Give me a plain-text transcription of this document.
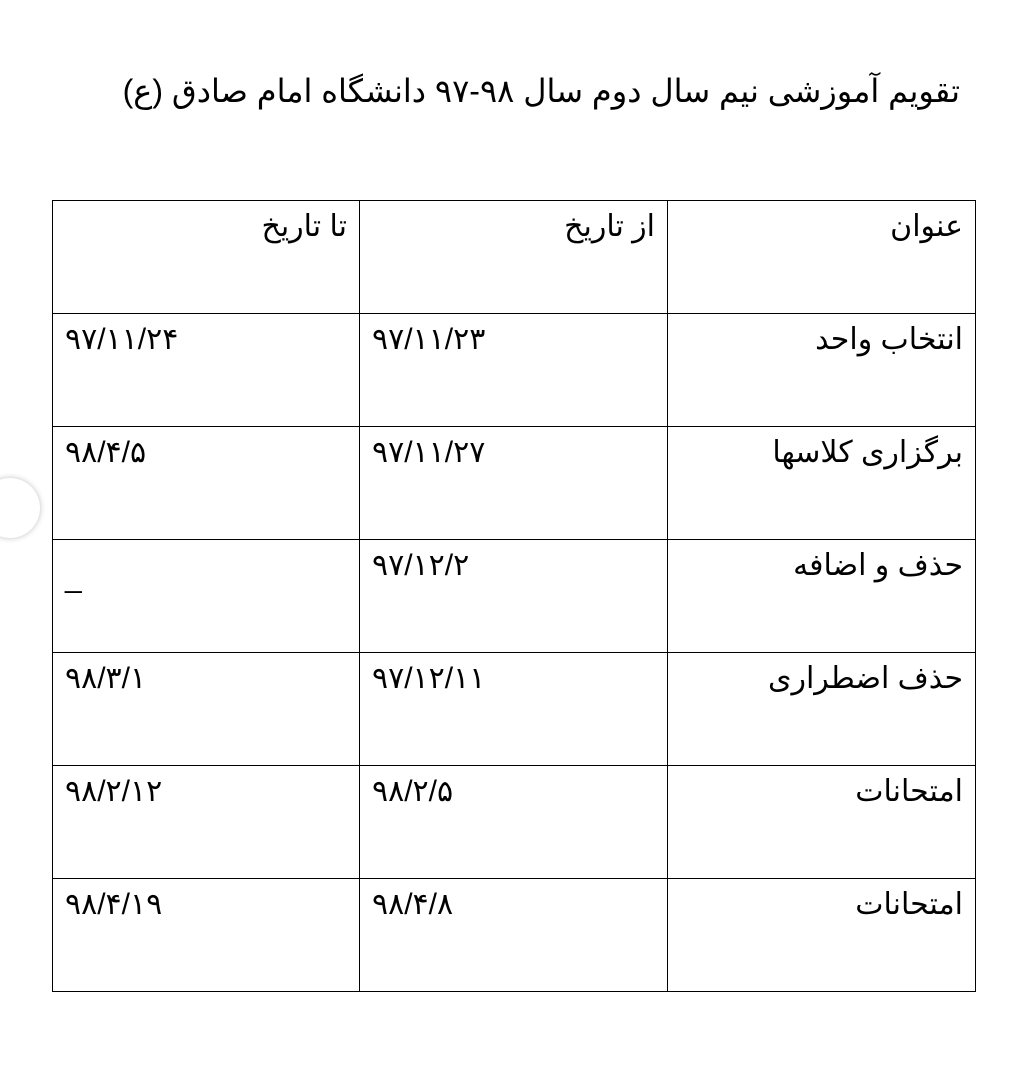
تقویم آموزشی نیم سال دوم سال ۹۸-۹۷ دانشگاه امام صادق (ع)
عنوان	از تاریخ	تا تاریخ
انتخاب واحد	۹۷/۱۱/۲۳	۹۷/۱۱/۲۴
برگزاری کلاسها	۹۷/۱۱/۲۷	۹۸/۴/۵
حذف و اضافه	۹۷/۱۲/۲	_
حذف اضطراری	۹۷/۱۲/۱۱	۹۸/۳/۱
امتحانات	۹۸/۲/۵	۹۸/۲/۱۲
امتحانات	۹۸/۴/۸	۹۸/۴/۱۹
